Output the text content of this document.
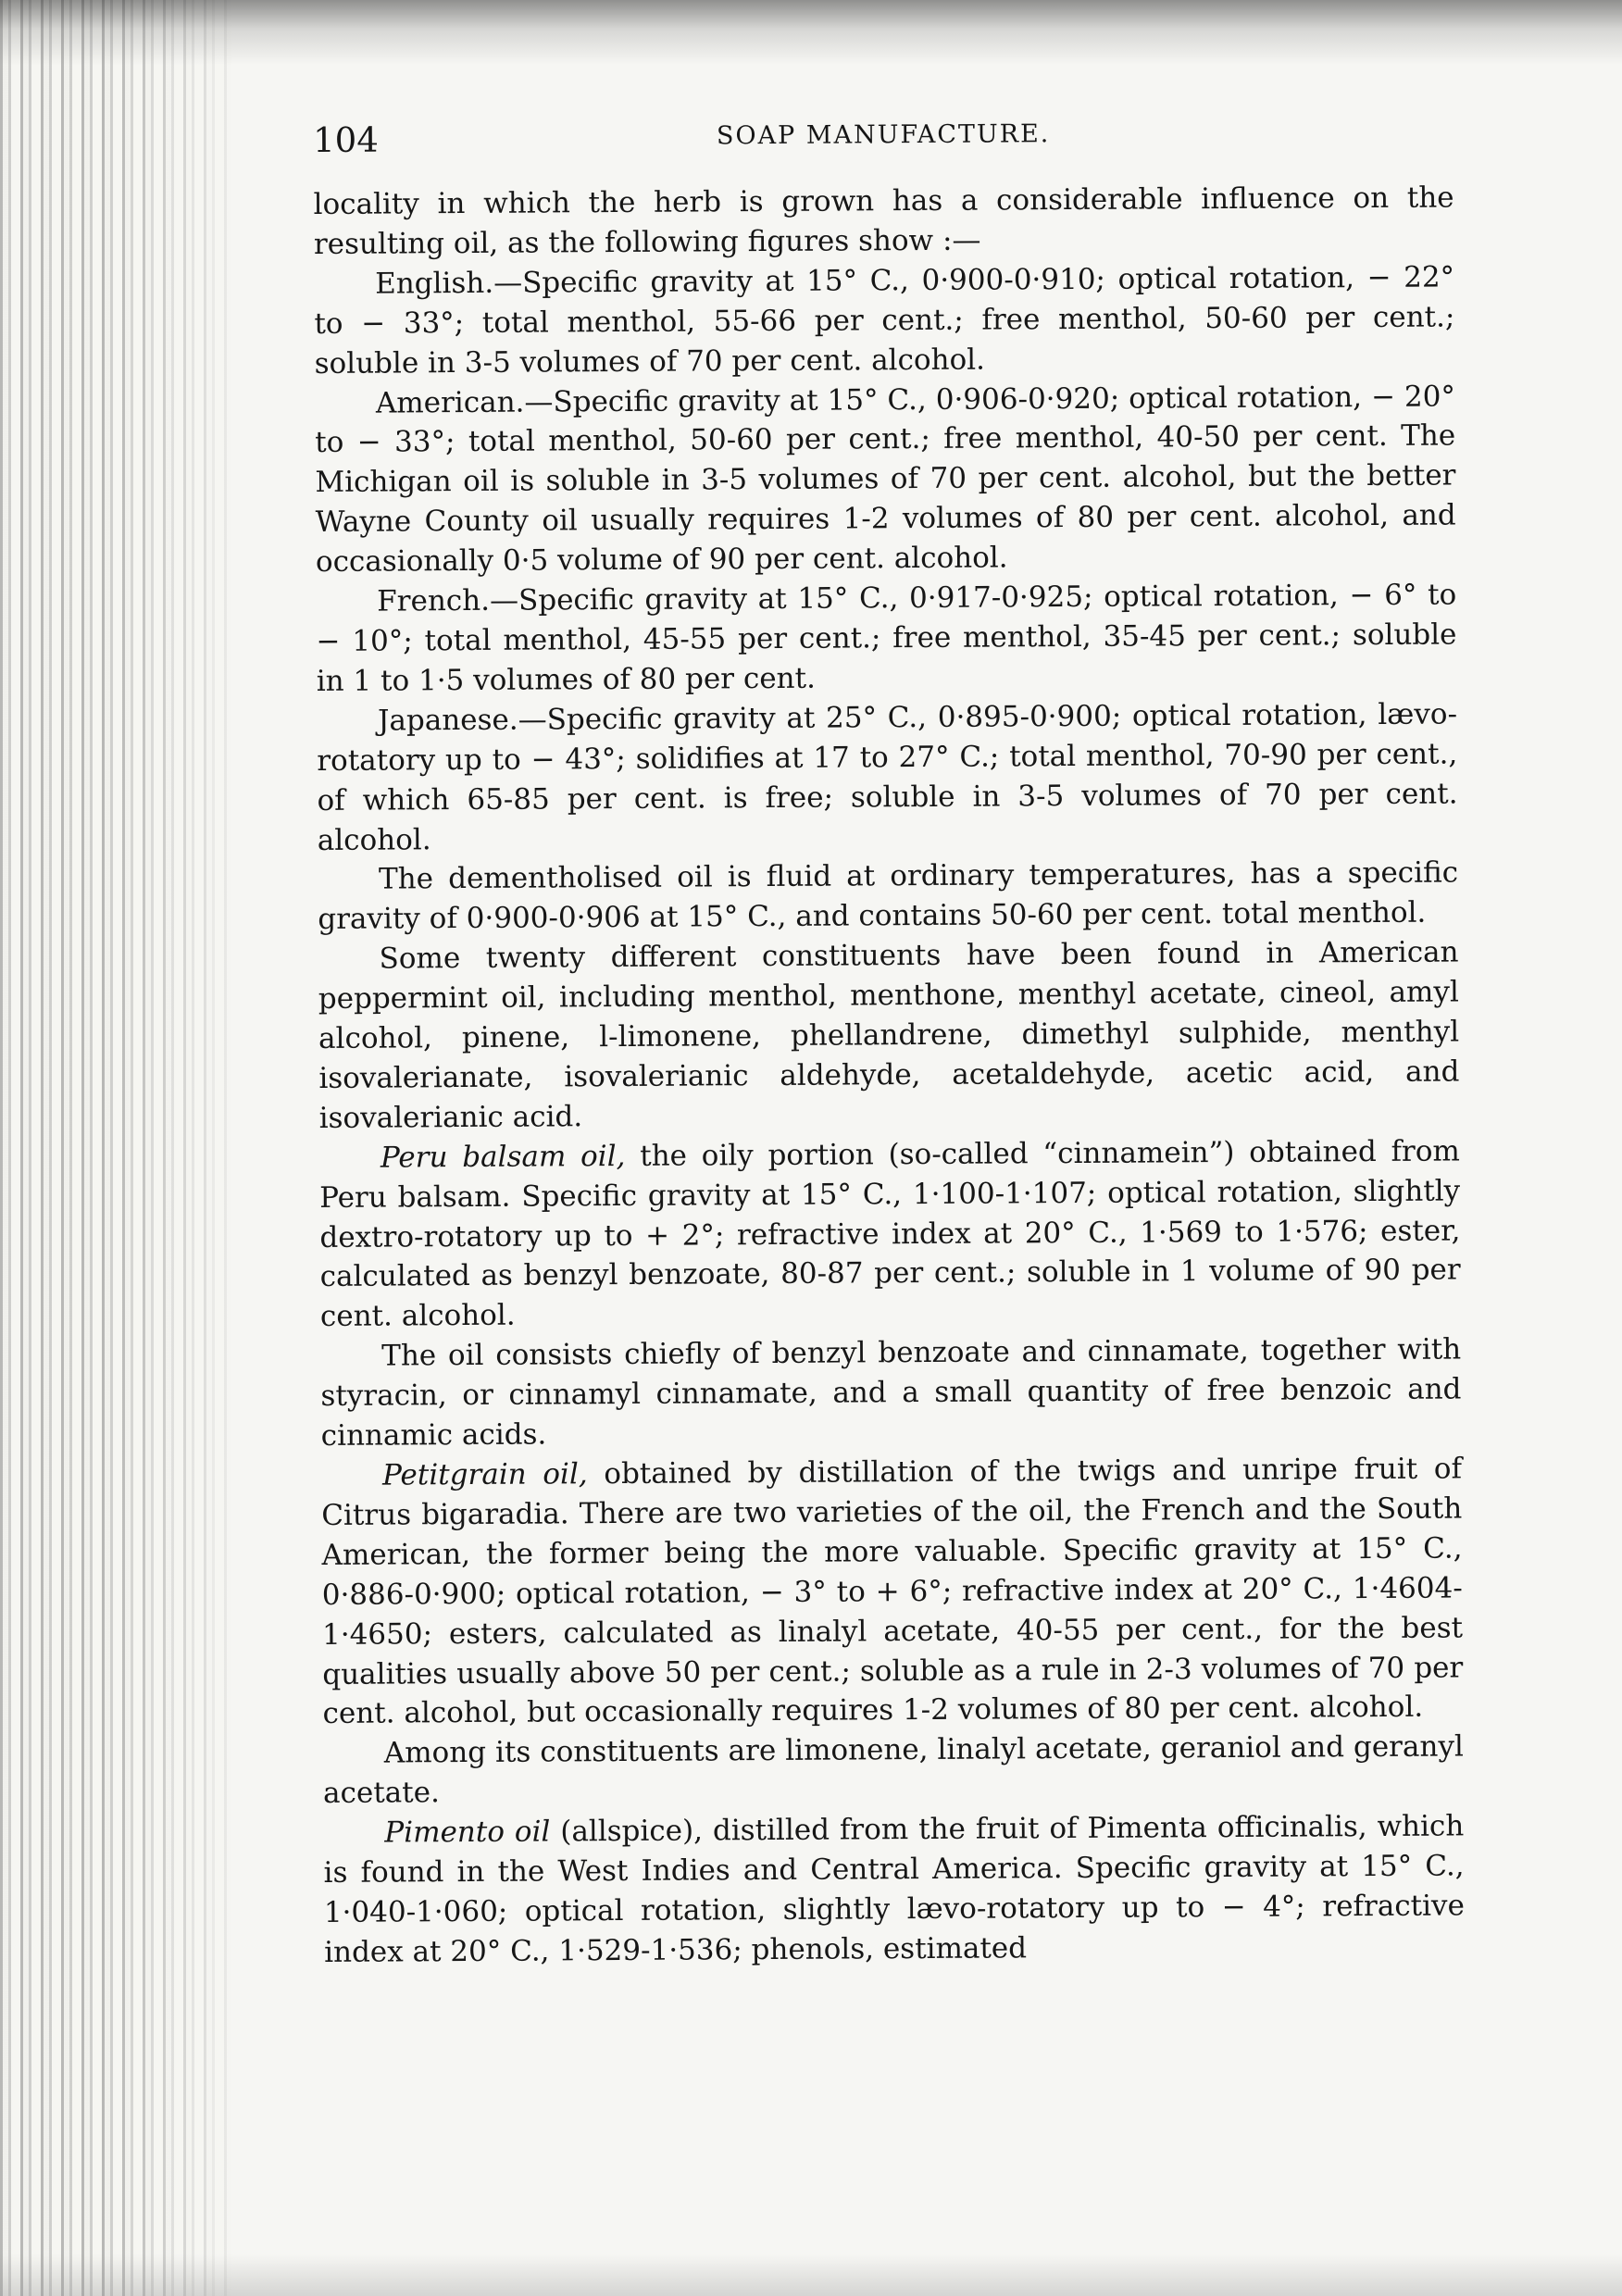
104	SOAP MANUFACTURE.

locality in which the herb is grown has a considerable influence on the resulting oil, as the following figures show :—

English.—Specific gravity at 15° C., 0·900-0·910; optical rotation, − 22° to − 33°; total menthol, 55-66 per cent.; free menthol, 50-60 per cent.; soluble in 3-5 volumes of 70 per cent. alcohol.

American.—Specific gravity at 15° C., 0·906-0·920; optical rotation, − 20° to − 33°; total menthol, 50-60 per cent.; free menthol, 40-50 per cent. The Michigan oil is soluble in 3-5 volumes of 70 per cent. alcohol, but the better Wayne County oil usually requires 1-2 volumes of 80 per cent. alcohol, and occasionally 0·5 volume of 90 per cent. alcohol.

French.—Specific gravity at 15° C., 0·917-0·925; optical rotation, − 6° to − 10°; total menthol, 45-55 per cent.; free menthol, 35-45 per cent.; soluble in 1 to 1·5 volumes of 80 per cent.

Japanese.—Specific gravity at 25° C., 0·895-0·900; optical rotation, lævo-rotatory up to − 43°; solidifies at 17 to 27° C.; total menthol, 70-90 per cent., of which 65-85 per cent. is free; soluble in 3-5 volumes of 70 per cent. alcohol.

The dementholised oil is fluid at ordinary temperatures, has a specific gravity of 0·900-0·906 at 15° C., and contains 50-60 per cent. total menthol.

Some twenty different constituents have been found in American peppermint oil, including menthol, menthone, menthyl acetate, cineol, amyl alcohol, pinene, l-limonene, phellandrene, dimethyl sulphide, menthyl isovalerianate, isovalerianic aldehyde, acetaldehyde, acetic acid, and isovalerianic acid.

Peru balsam oil, the oily portion (so-called “cinnamein”) obtained from Peru balsam. Specific gravity at 15° C., 1·100-1·107; optical rotation, slightly dextro-rotatory up to + 2°; refractive index at 20° C., 1·569 to 1·576; ester, calculated as benzyl benzoate, 80-87 per cent.; soluble in 1 volume of 90 per cent. alcohol.

The oil consists chiefly of benzyl benzoate and cinnamate, together with styracin, or cinnamyl cinnamate, and a small quantity of free benzoic and cinnamic acids.

Petitgrain oil, obtained by distillation of the twigs and unripe fruit of Citrus bigaradia. There are two varieties of the oil, the French and the South American, the former being the more valuable. Specific gravity at 15° C., 0·886-0·900; optical rotation, − 3° to + 6°; refractive index at 20° C., 1·4604-1·4650; esters, calculated as linalyl acetate, 40-55 per cent., for the best qualities usually above 50 per cent.; soluble as a rule in 2-3 volumes of 70 per cent. alcohol, but occasionally requires 1-2 volumes of 80 per cent. alcohol.

Among its constituents are limonene, linalyl acetate, geraniol and geranyl acetate.

Pimento oil (allspice), distilled from the fruit of Pimenta officinalis, which is found in the West Indies and Central America. Specific gravity at 15° C., 1·040-1·060; optical rotation, slightly lævo-rotatory up to − 4°; refractive index at 20° C., 1·529-1·536; phenols, estimated
